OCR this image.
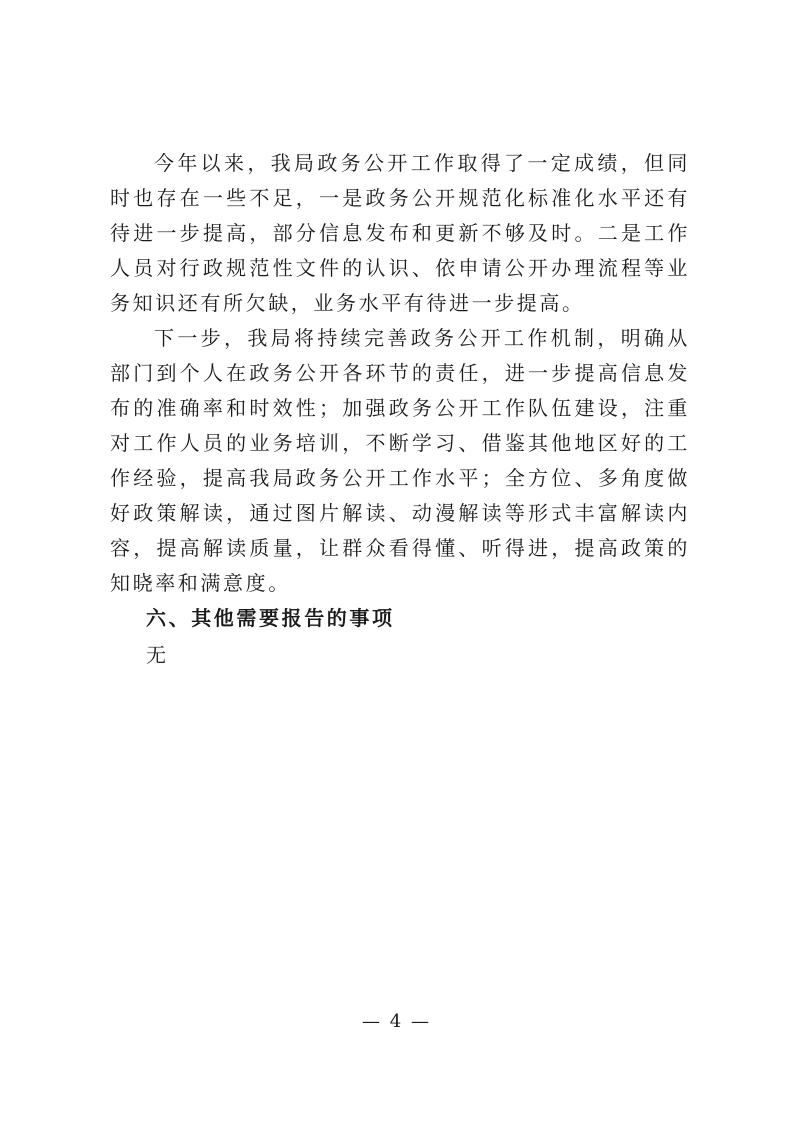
今年以来，我局政务公开工作取得了一定成绩，但同时也存在一些不足，一是政务公开规范化标准化水平还有待进一步提高，部分信息发布和更新不够及时。二是工作人员对行政规范性文件的认识、依申请公开办理流程等业务知识还有所欠缺，业务水平有待进一步提高。

下一步，我局将持续完善政务公开工作机制，明确从部门到个人在政务公开各环节的责任，进一步提高信息发布的准确率和时效性；加强政务公开工作队伍建设，注重对工作人员的业务培训，不断学习、借鉴其他地区好的工作经验，提高我局政务公开工作水平；全方位、多角度做好政策解读，通过图片解读、动漫解读等形式丰富解读内容，提高解读质量，让群众看得懂、听得进，提高政策的知晓率和满意度。

六、其他需要报告的事项

无

— 4 —
